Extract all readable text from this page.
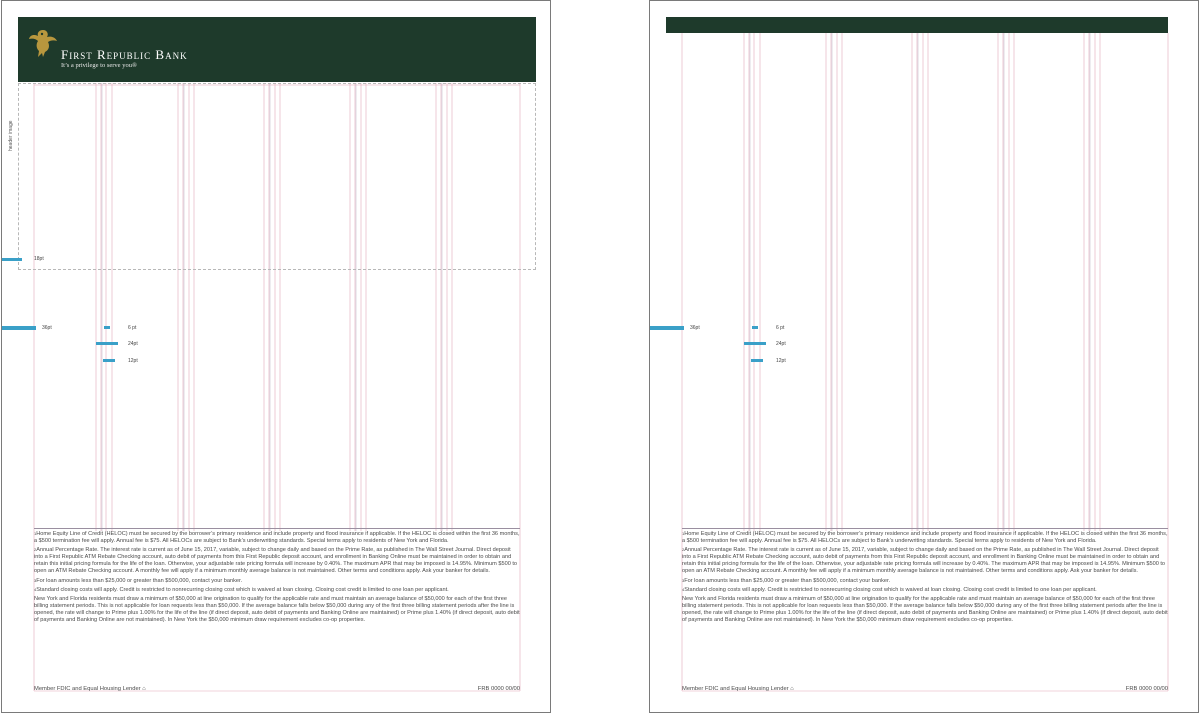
First Republic Bank
It’s a privilege to serve you®
header image
18pt
36pt	6 pt
24pt
12pt

$^1$Home Equity Line of Credit (HELOC) must be secured by the borrower’s primary residence and include property and flood insurance if applicable. If the HELOC is closed within the first 36 months, a $500 termination fee will apply. Annual fee is $75. All HELOCs are subject to Bank’s underwriting standards. Special terms apply to residents of New York and Florida.

$^2$Annual Percentage Rate. The interest rate is current as of June 15, 2017, variable, subject to change daily and based on the Prime Rate, as published in The Wall Street Journal. Direct deposit into a First Republic ATM Rebate Checking account, auto debit of payments from this First Republic deposit account, and enrollment in Banking Online must be maintained in order to obtain and retain this initial pricing formula for the life of the loan. Otherwise, your adjustable rate pricing formula will increase by 0.40%. The maximum APR that may be imposed is 14.95%. Minimum $500 to open an ATM Rebate Checking account. A monthly fee will apply if a minimum monthly average balance is not maintained. Other terms and conditions apply. Ask your banker for details.

$^3$For loan amounts less than $25,000 or greater than $500,000, contact your banker.

$^4$Standard closing costs will apply. Credit is restricted to nonrecurring closing cost which is waived at loan closing. Closing cost credit is limited to one loan per applicant.

New York and Florida residents must draw a minimum of $50,000 at line origination to qualify for the applicable rate and must maintain an average balance of $50,000 for each of the first three billing statement periods. This is not applicable for loan requests less than $50,000. If the average balance falls below $50,000 during any of the first three billing statement periods after the line is opened, the rate will change to Prime plus 1.00% for the life of the line (if direct deposit, auto debit of payments and Banking Online are maintained) or Prime plus 1.40% (if direct deposit, auto debit of payments and Banking Online are not maintained). In New York the $50,000 minimum draw requirement excludes co-op properties.

Member FDIC and Equal Housing Lender ⌂	FRB 0000 00/00
36pt	6 pt
24pt
12pt

$^1$Home Equity Line of Credit (HELOC) must be secured by the borrower’s primary residence and include property and flood insurance if applicable. If the HELOC is closed within the first 36 months, a $500 termination fee will apply. Annual fee is $75. All HELOCs are subject to Bank’s underwriting standards. Special terms apply to residents of New York and Florida.

$^2$Annual Percentage Rate. The interest rate is current as of June 15, 2017, variable, subject to change daily and based on the Prime Rate, as published in The Wall Street Journal. Direct deposit into a First Republic ATM Rebate Checking account, auto debit of payments from this First Republic deposit account, and enrollment in Banking Online must be maintained in order to obtain and retain this initial pricing formula for the life of the loan. Otherwise, your adjustable rate pricing formula will increase by 0.40%. The maximum APR that may be imposed is 14.95%. Minimum $500 to open an ATM Rebate Checking account. A monthly fee will apply if a minimum monthly average balance is not maintained. Other terms and conditions apply. Ask your banker for details.

$^3$For loan amounts less than $25,000 or greater than $500,000, contact your banker.

$^4$Standard closing costs will apply. Credit is restricted to nonrecurring closing cost which is waived at loan closing. Closing cost credit is limited to one loan per applicant.

New York and Florida residents must draw a minimum of $50,000 at line origination to qualify for the applicable rate and must maintain an average balance of $50,000 for each of the first three billing statement periods. This is not applicable for loan requests less than $50,000. If the average balance falls below $50,000 during any of the first three billing statement periods after the line is opened, the rate will change to Prime plus 1.00% for the life of the line (if direct deposit, auto debit of payments and Banking Online are maintained) or Prime plus 1.40% (if direct deposit, auto debit of payments and Banking Online are not maintained). In New York the $50,000 minimum draw requirement excludes co-op properties.

Member FDIC and Equal Housing Lender ⌂	FRB 0000 00/00
